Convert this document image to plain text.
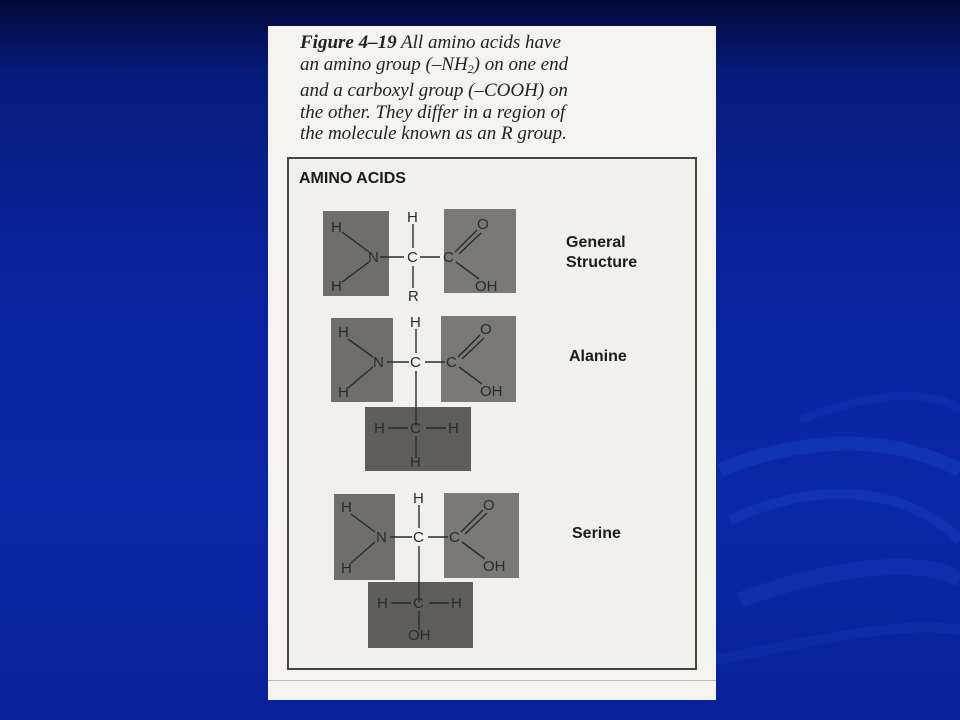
Figure 4–19 All amino acids have
an amino group $(-NH_2)$ on one end
and a carboxyl group (–COOH) on
the other. They differ in a region of
the molecule known as an R group.
AMINO ACIDS
H
H
N C
H
R
C
O
OH
H
H
N C
H
C
O
OH
H C H
H
H
H
N C
H
C
O
OH
H C H
OH
General
Structure
Alanine
Serine
